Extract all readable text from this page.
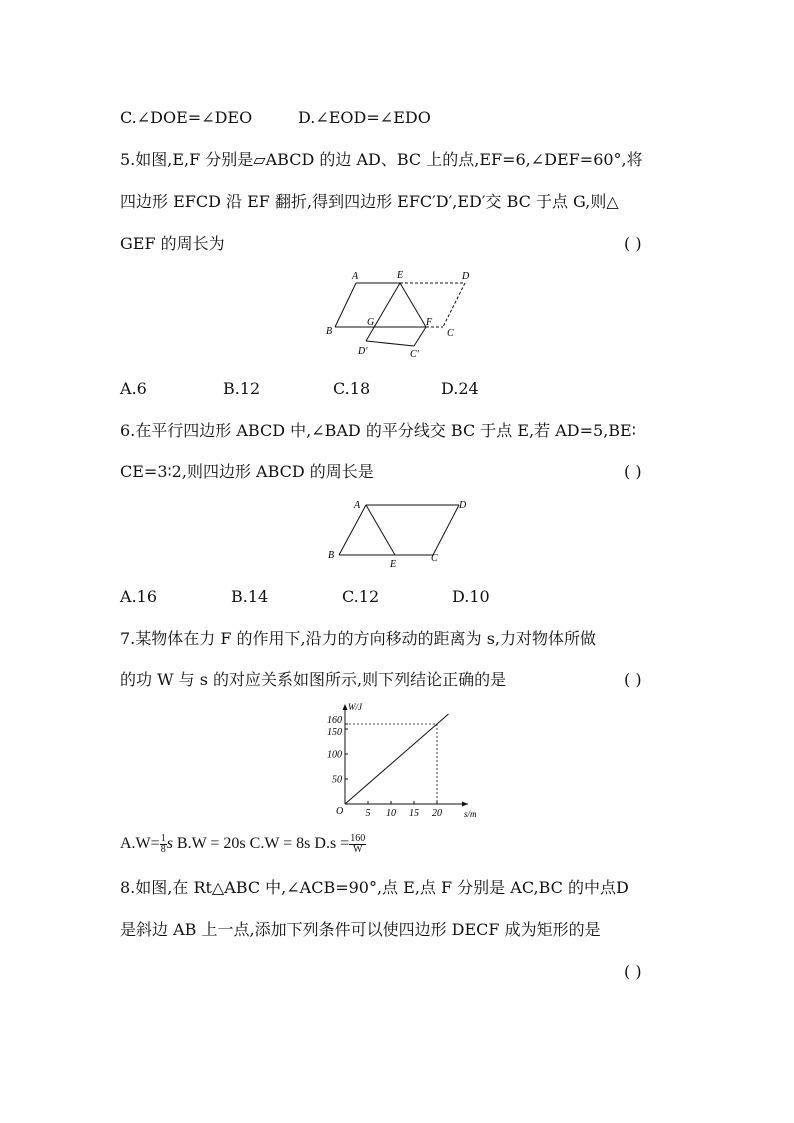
C.∠DOE=∠DEO	D.∠EOD=∠EDO
5.如图,E,F 分别是▱ABCD 的边 AD、BC 上的点,EF=6,∠DEF=60°,将
四边形 EFCD 沿 EF 翻折,得到四边形 EFC′D′,ED′交 BC 于点 G,则△
GEF 的周长为	( )
A	E	D
B
G	F
C
D′	C′
A.6	B.12	C.18	D.24
6.在平行四边形 ABCD 中,∠BAD 的平分线交 BC 于点 E,若 AD=5,BE∶
CE=3∶2,则四边形 ABCD 的周长是	( )
A	D
B
E
C
A.16	B.14	C.12	D.10
7.某物体在力 F 的作用下,沿力的方向移动的距离为 s,力对物体所做
的功 W 与 s 的对应关系如图所示,则下列结论正确的是	( )
W/J
s/m
O 5 10 15 20
50
100
150
160
$A.W= \frac{1}{8}$ s B.W = 20s C.W = 8s $D.s = \frac{160}{W}$
8.如图,在 Rt△ABC 中,∠ACB=90°,点 E,点 F 分别是 AC,BC 的中点D
是斜边 AB 上一点,添加下列条件可以使四边形 DECF 成为矩形的是
( )
